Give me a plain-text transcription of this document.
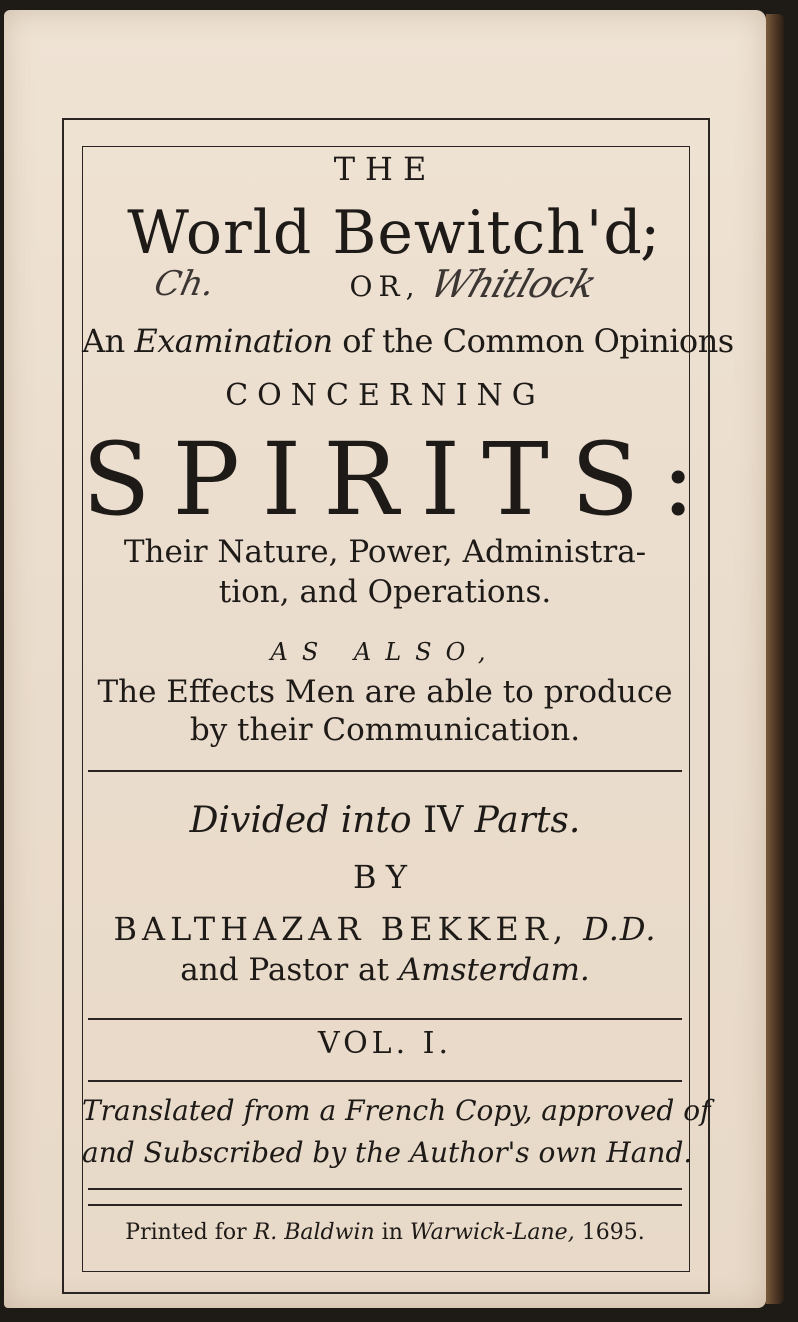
THE
World Bewitch'd
;
Ch.	OR, Whitlock
An Examination of the Common Opinions
CONCERNING
SPIRITS:
Their Nature, Power, Administra-
tion, and Operations.
AS ALSO,
The Effects Men are able to produce
by their Communication.
Divided into IV Parts.
BY
BALTHAZAR BEKKER, D.D.
and Pastor at Amsterdam.
VOL. I.
Translated from a French Copy, approved of
and Subscribed by the Author's own Hand.
Printed for R. Baldwin in Warwick-Lane, 1695.
